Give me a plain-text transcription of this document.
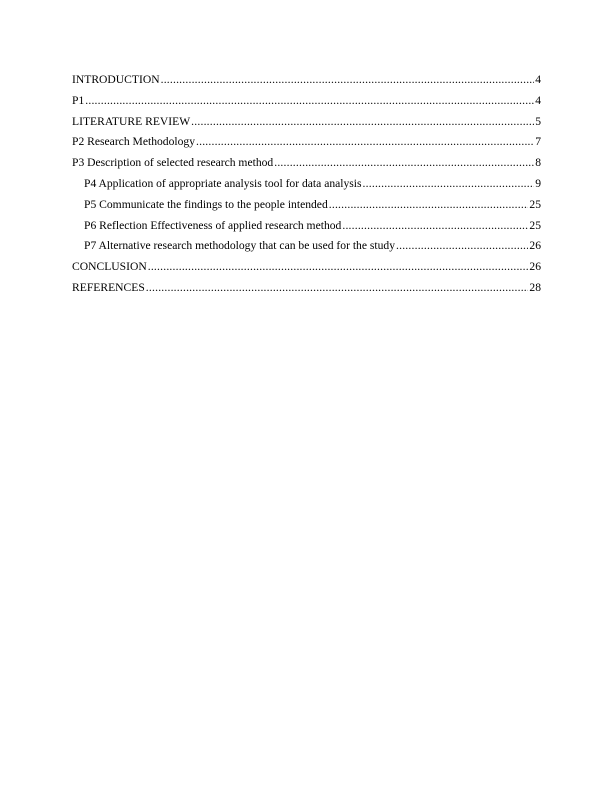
INTRODUCTION .....	4
P1 .....	4
LITERATURE REVIEW .....	5
P2 Research Methodology .....	7
P3 Description of selected research method .....	8
P4 Application of appropriate analysis tool for data analysis .....	9
P5 Communicate the findings to the people intended .....	25
P6 Reflection Effectiveness of applied research method .....	25
P7 Alternative research methodology that can be used for the study .....	26
CONCLUSION .....	26
REFERENCES .....	28
